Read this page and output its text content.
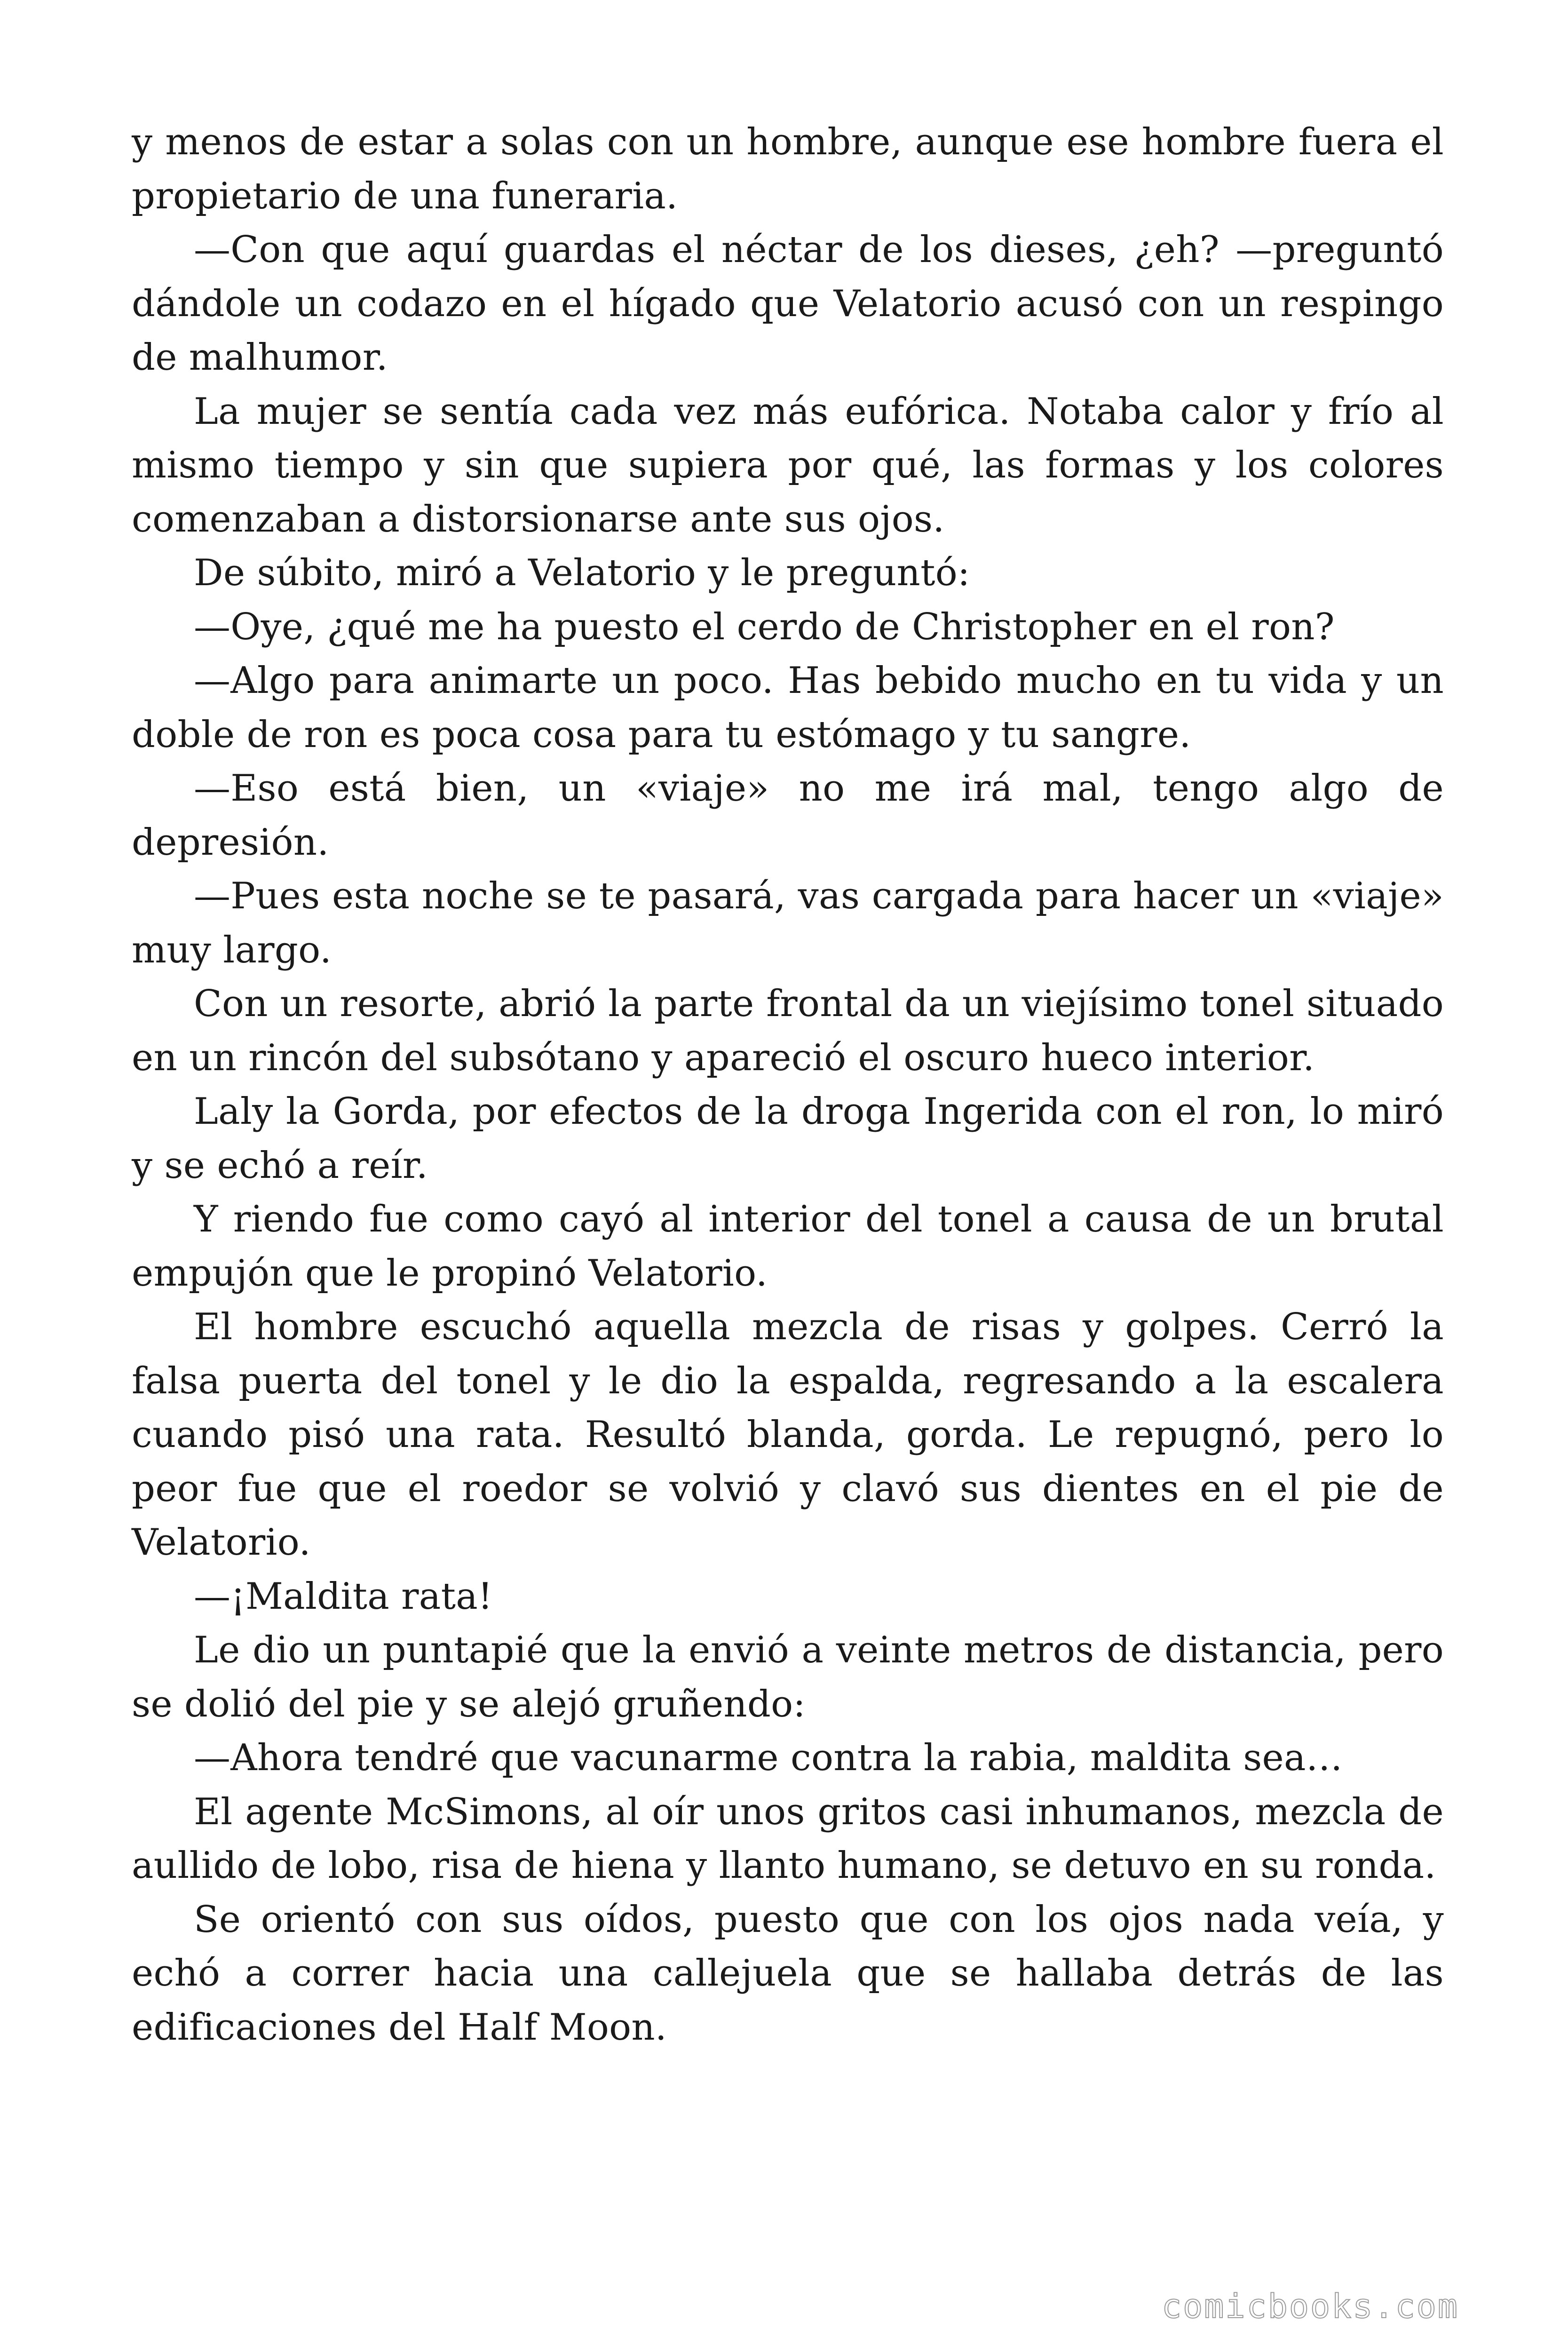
y menos de estar a solas con un hombre, aunque ese hombre fuera el propietario de una funeraria.

—Con que aquí guardas el néctar de los dieses, ¿eh? —preguntó dándole un codazo en el hígado que Velatorio acusó con un respingo de malhumor.

La mujer se sentía cada vez más eufórica. Notaba calor y frío al mismo tiempo y sin que supiera por qué, las formas y los colores comenzaban a distorsionarse ante sus ojos.

De súbito, miró a Velatorio y le preguntó:

—Oye, ¿qué me ha puesto el cerdo de Christopher en el ron?

—Algo para animarte un poco. Has bebido mucho en tu vida y un doble de ron es poca cosa para tu estómago y tu sangre.

—Eso está bien, un «viaje» no me irá mal, tengo algo de depresión.

—Pues esta noche se te pasará, vas cargada para hacer un «viaje» muy largo.

Con un resorte, abrió la parte frontal da un viejísimo tonel situado en un rincón del subsótano y apareció el oscuro hueco interior.

Laly la Gorda, por efectos de la droga Ingerida con el ron, lo miró y se echó a reír.

Y riendo fue como cayó al interior del tonel a causa de un brutal empujón que le propinó Velatorio.

El hombre escuchó aquella mezcla de risas y golpes. Cerró la falsa puerta del tonel y le dio la espalda, regresando a la escalera cuando pisó una rata. Resultó blanda, gorda. Le repugnó, pero lo peor fue que el roedor se volvió y clavó sus dientes en el pie de Velatorio.

—¡Maldita rata!

Le dio un puntapié que la envió a veinte metros de distancia, pero se dolió del pie y se alejó gruñendo:

—Ahora tendré que vacunarme contra la rabia, maldita sea…

El agente McSimons, al oír unos gritos casi inhumanos, mezcla de aullido de lobo, risa de hiena y llanto humano, se detuvo en su ronda.

Se orientó con sus oídos, puesto que con los ojos nada veía, y echó a correr hacia una callejuela que se hallaba detrás de las edificaciones del Half Moon.

comicbooks.com
